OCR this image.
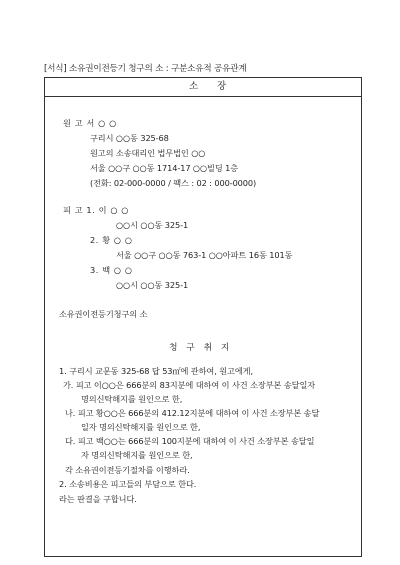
[서식] 소유권이전등기 청구의 소 : 구분소유적 공유관계
소 장
원 고 서 ○ ○
구리시 ○○동 325-68
원고의 소송대리인 법무법인 ○○
서울 ○○구 ○○동 1714-17 ○○빌딩 1층
(전화: 02-000-0000 / 팩스 : 02 : 000-0000)
피 고 1. 이 ○ ○
○○시 ○○동 325-1
2. 황 ○ ○
서울 ○○구 ○○동 763-1 ○○아파트 16동 101동
3. 백 ○ ○
○○시 ○○동 325-1
소유권이전등기청구의 소
청 구 취 지
1. 구리시 교문동 325-68 답 53㎡에 관하여, 원고에게,
가. 피고 이○○은 666분의 83지분에 대하여 이 사건 소장부본 송달일자
명의신탁해지를 원인으로 한,
나. 피고 황○○은 666분의 412.12지분에 대하여 이 사건 소장부본 송달
일자 명의신탁해지를 원인으로 한,
다. 피고 백○○는 666분의 100지분에 대하여 이 사건 소장부본 송달일
자 명의신탁해지를 원인으로 한,
각 소유권이전등기절차를 이행하라.
2. 소송비용은 피고들의 부담으로 한다.
라는 판결을 구합니다.
